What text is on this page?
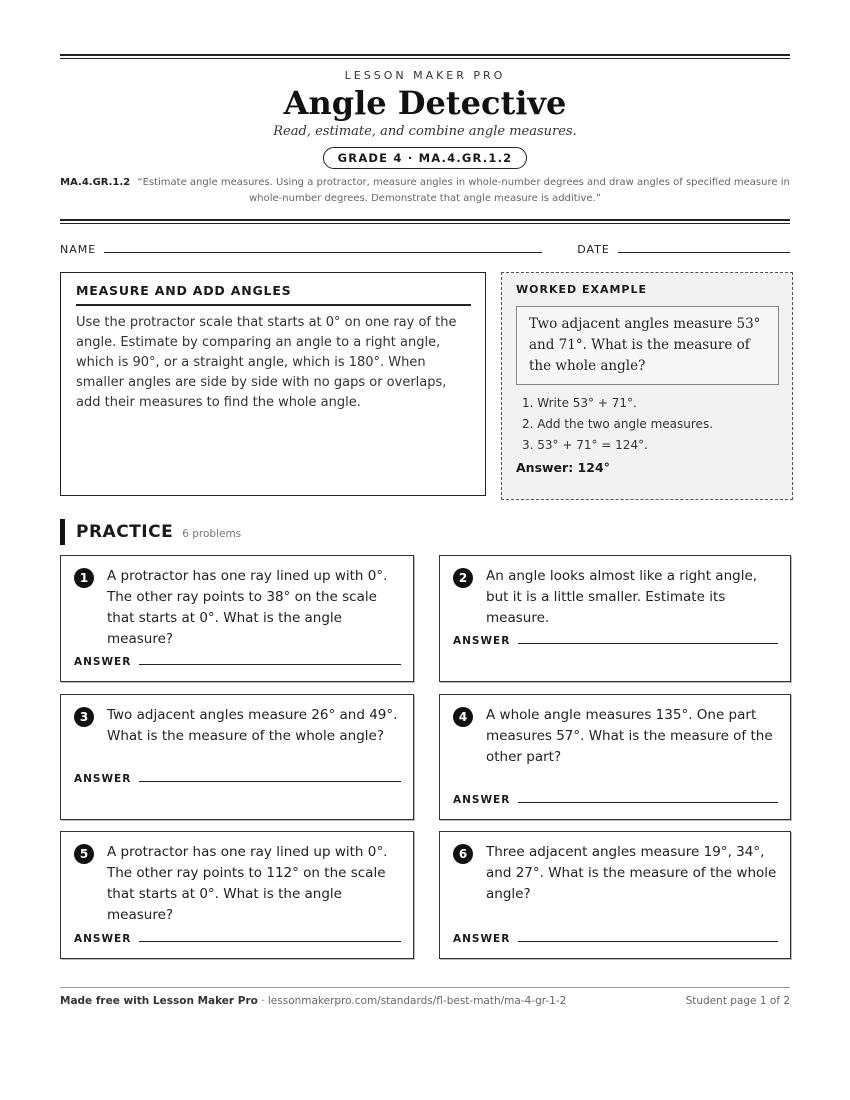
LESSON MAKER PRO
Angle Detective
Read, estimate, and combine angle measures.
GRADE 4 · MA.4.GR.1.2
MA.4.GR.1.2 “Estimate angle measures. Using a protractor, measure angles in whole-number degrees and draw angles of specified measure in whole-number degrees. Demonstrate that angle measure is additive.”
NAME	DATE
MEASURE AND ADD ANGLES
Use the protractor scale that starts at 0° on one ray of the angle. Estimate by comparing an angle to a right angle, which is 90°, or a straight angle, which is 180°. When smaller angles are side by side with no gaps or overlaps, add their measures to find the whole angle.
WORKED EXAMPLE
Two adjacent angles measure 53° and 71°. What is the measure of the whole angle?
1. Write 53° + 71°.
2. Add the two angle measures.
3. 53° + 71° = 124°.
Answer: 124°
PRACTICE 6 problems
1	A protractor has one ray lined up with 0°. The other ray points to 38° on the scale that starts at 0°. What is the angle measure?
ANSWER
2	An angle looks almost like a right angle, but it is a little smaller. Estimate its measure.
ANSWER
3	Two adjacent angles measure 26° and 49°. What is the measure of the whole angle?
ANSWER
4	A whole angle measures 135°. One part measures 57°. What is the measure of the other part?
ANSWER
5	A protractor has one ray lined up with 0°. The other ray points to 112° on the scale that starts at 0°. What is the angle measure?
ANSWER
6	Three adjacent angles measure 19°, 34°, and 27°. What is the measure of the whole angle?
ANSWER
Made free with Lesson Maker Pro · lessonmakerpro.com/standards/fl-best-math/ma-4-gr-1-2	Student page 1 of 2
